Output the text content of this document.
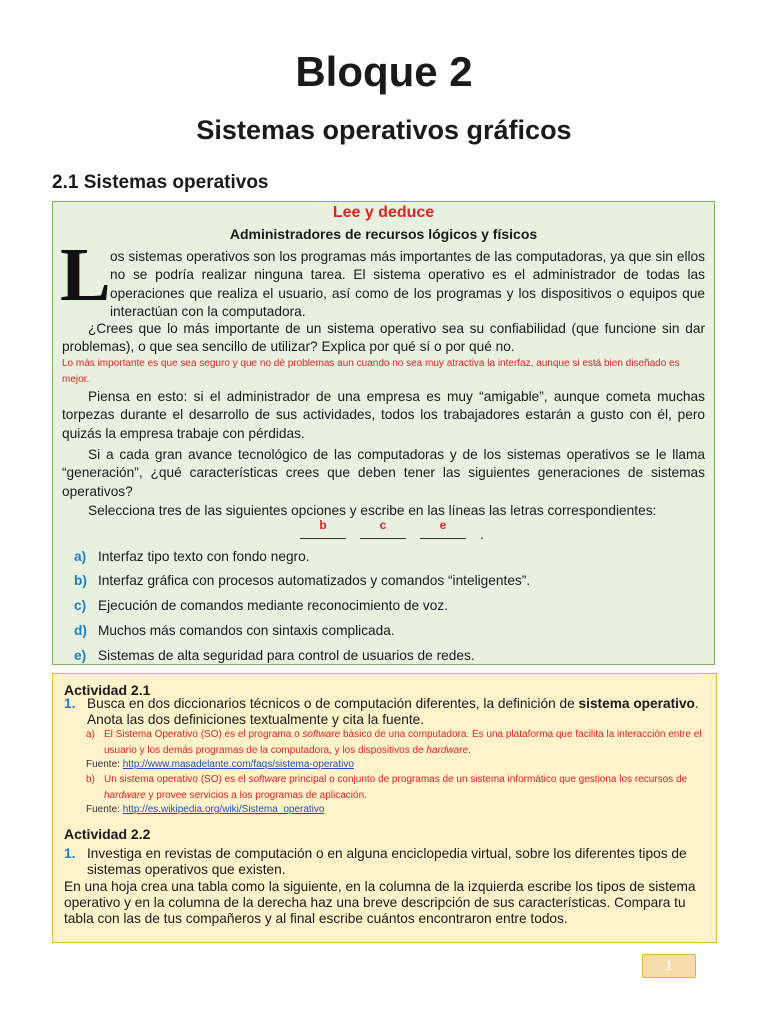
Bloque 2
Sistemas operativos gráficos
2.1 Sistemas operativos
Lee y deduce
Administradores de recursos lógicos y físicos
L os sistemas operativos son los programas más importantes de las computadoras, ya que sin ellos no se podría realizar ninguna tarea. El sistema operativo es el administrador de todas las operaciones que realiza el usuario, así como de los programas y los dispositivos o equipos que interactúan con la computadora.

¿Crees que lo más importante de un sistema operativo sea su confiabilidad (que funcione sin dar problemas), o que sea sencillo de utilizar? Explica por qué sí o por qué no.

Lo más importante es que sea seguro y que no dé problemas aun cuando no sea muy atractiva la interfaz, aunque si está bien diseñado es mejor.

Piensa en esto: si el administrador de una empresa es muy “amigable”, aunque cometa muchas torpezas durante el desarrollo de sus actividades, todos los trabajadores estarán a gusto con él, pero quizás la empresa trabaje con pérdidas.

Si a cada gran avance tecnológico de las computadoras y de los sistemas operativos se le llama “generación”, ¿qué características crees que deben tener las siguientes generaciones de sistemas operativos?

Selecciona tres de las siguientes opciones y escribe en las líneas las letras correspondientes:

b	c	e
.
a) Interfaz tipo texto con fondo negro.
b) Interfaz gráfica con procesos automatizados y comandos “inteligentes”.
c) Ejecución de comandos mediante reconocimiento de voz.
d) Muchos más comandos con sintaxis complicada.
e) Sistemas de alta seguridad para control de usuarios de redes.
Actividad 2.1
1. Busca en dos diccionarios técnicos o de computación diferentes, la definición de sistema operativo.
Anota las dos definiciones textualmente y cita la fuente.
a) El Sistema Operativo (SO) es el programa o software básico de una computadora. Es una plataforma que facilita la interacción entre el usuario y los demás programas de la computadora, y los dispositivos de hardware.
Fuente: http://www.masadelante.com/faqs/sistema-operativo
b) Un sistema operativo (SO) es el software principal o conjunto de programas de un sistema informático que gestiona los recursos de hardware y provee servicios a los programas de aplicación.
Fuente: http://es.wikipedia.org/wiki/Sistema_operativo
Actividad 2.2
1. Investiga en revistas de computación o en alguna enciclopedia virtual, sobre los diferentes tipos de sistemas operativos que existen.
En una hoja crea una tabla como la siguiente, en la columna de la izquierda escribe los tipos de sistema operativo y en la columna de la derecha haz una breve descripción de sus características. Compara tu tabla con las de tus compañeros y al final escribe cuántos encontraron entre todos.
1
